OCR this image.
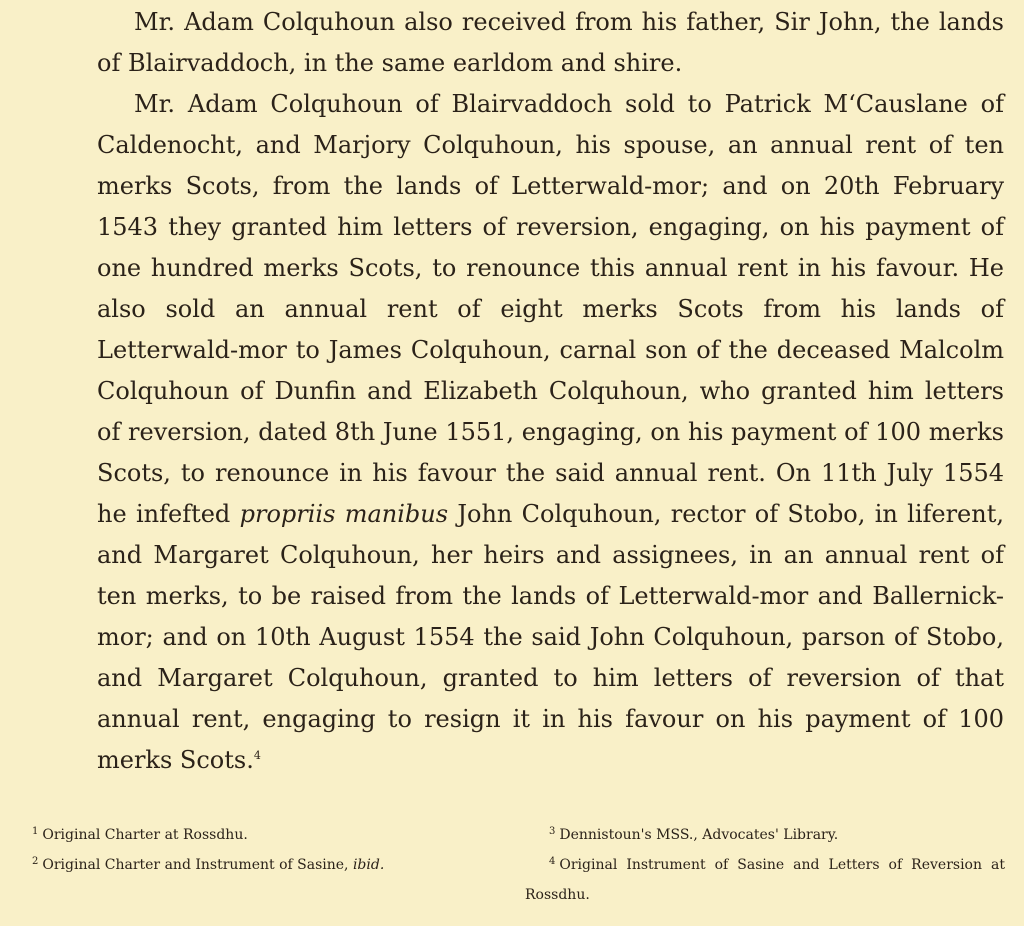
Mr. Adam Colquhoun also received from his father, Sir John, the lands of Blairvaddoch, in the same earldom and shire.

Mr. Adam Colquhoun of Blairvaddoch sold to Patrick M‘Causlane of Caldenocht, and Marjory Colquhoun, his spouse, an annual rent of ten merks Scots, from the lands of Letterwald-mor; and on 20th February 1543 they granted him letters of reversion, engaging, on his payment of one hundred merks Scots, to renounce this annual rent in his favour. He also sold an annual rent of eight merks Scots from his lands of Letterwald-mor to James Colquhoun, carnal son of the deceased Malcolm Colquhoun of Dunfin and Elizabeth Colquhoun, who granted him letters of reversion, dated 8th June 1551, engaging, on his payment of 100 merks Scots, to renounce in his favour the said annual rent. On 11th July 1554 he infefted propriis manibus John Colquhoun, rector of Stobo, in liferent, and Margaret Colquhoun, her heirs and assignees, in an annual rent of ten merks, to be raised from the lands of Letterwald-mor and Ballernick-mor; and on 10th August 1554 the said John Colquhoun, parson of Stobo, and Margaret Colquhoun, granted to him letters of reversion of that annual rent, engaging to resign it in his favour on his payment of 100 merks Scots.$^4$

$^1$ Original Charter at Rossdhu.

$^2$ Original Charter and Instrument of Sasine, ibid.

$^3$ Dennistoun's MSS., Advocates' Library.

$^4$ Original Instrument of Sasine and Letters of Reversion at Rossdhu.
